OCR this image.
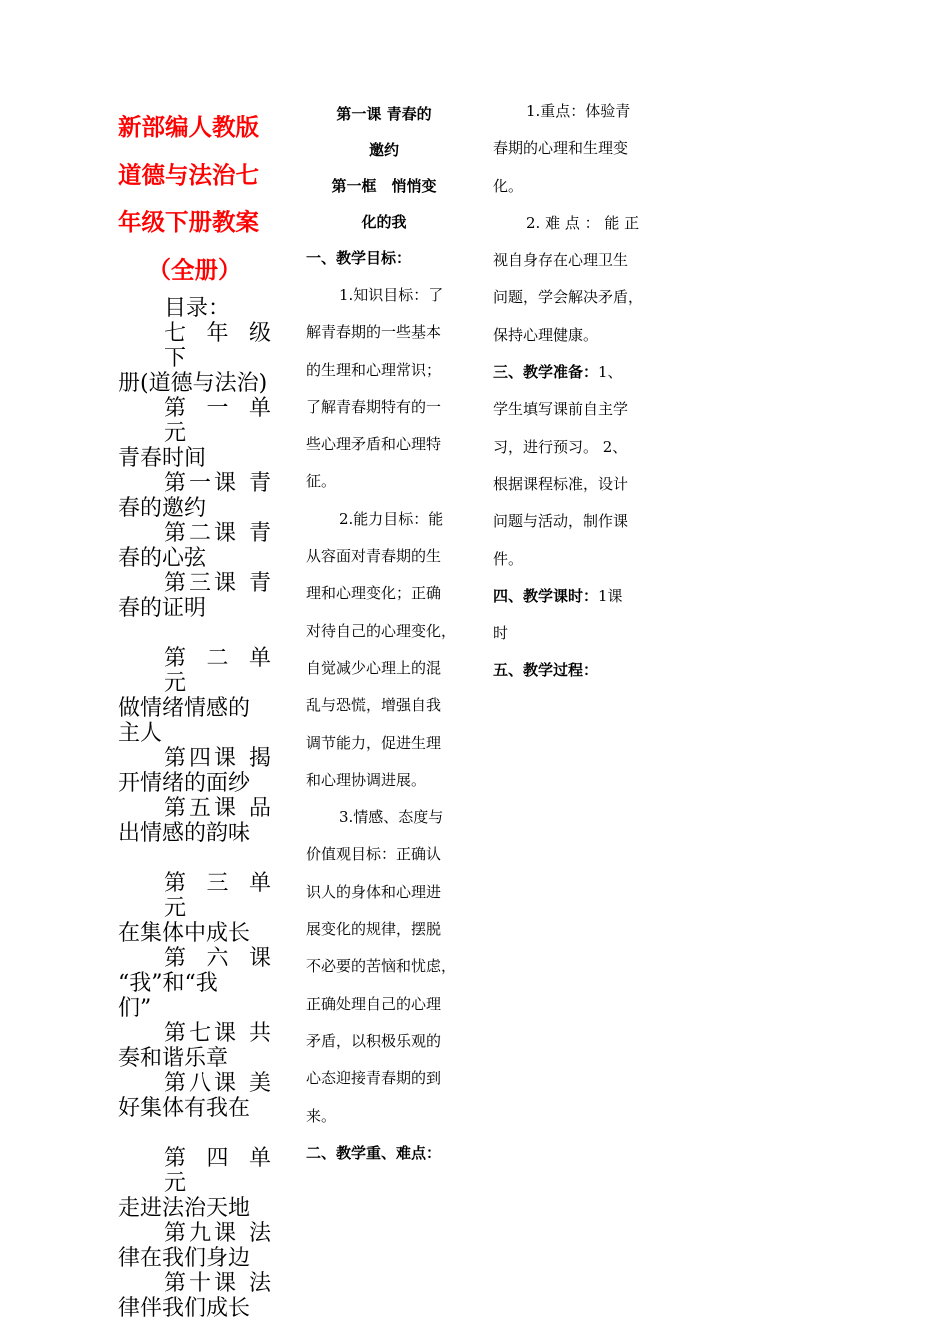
新部编人教版
道德与法治七
年级下册教案
（全册）
目录：
七 年 级 下
册(道德与法治)
第 一 单 元
青春时间
第一课 青
春的邀约
第二课 青
春的心弦
第三课 青
春的证明
第 二 单 元
做情绪情感的
主人
第四课 揭
开情绪的面纱
第五课 品
出情感的韵味
第 三 单 元
在集体中成长
第 六 课
“我”和“我
们”
第七课 共
奏和谐乐章
第八课 美
好集体有我在
第 四 单 元
走进法治天地
第九课 法
律在我们身边
第十课 法
律伴我们成长
第一课 青春的
邀约
第一框　悄悄变
化的我
一、教学目标：
1.知识目标：了
解青春期的一些基本
的生理和心理常识；
了解青春期特有的一
些心理矛盾和心理特
征。
2.能力目标：能
从容面对青春期的生
理和心理变化；正确
对待自己的心理变化，
自觉减少心理上的混
乱与恐慌，增强自我
调节能力，促进生理
和心理协调进展。
3.情感、态度与
价值观目标：正确认
识人的身体和心理进
展变化的规律，摆脱
不必要的苦恼和忧虑，
正确处理自己的心理
矛盾，以积极乐观的
心态迎接青春期的到
来。
二、教学重、难点：
1.重点：体验青
春期的心理和生理变
化。
2. 难 点 ： 能 正
视自身存在心理卫生
问题，学会解决矛盾，
保持心理健康。
三、教学准备：1、
学生填写课前自主学
习，进行预习。 2、
根据课程标准，设计
问题与活动，制作课
件。
四、教学课时：1课
时
五、教学过程：
